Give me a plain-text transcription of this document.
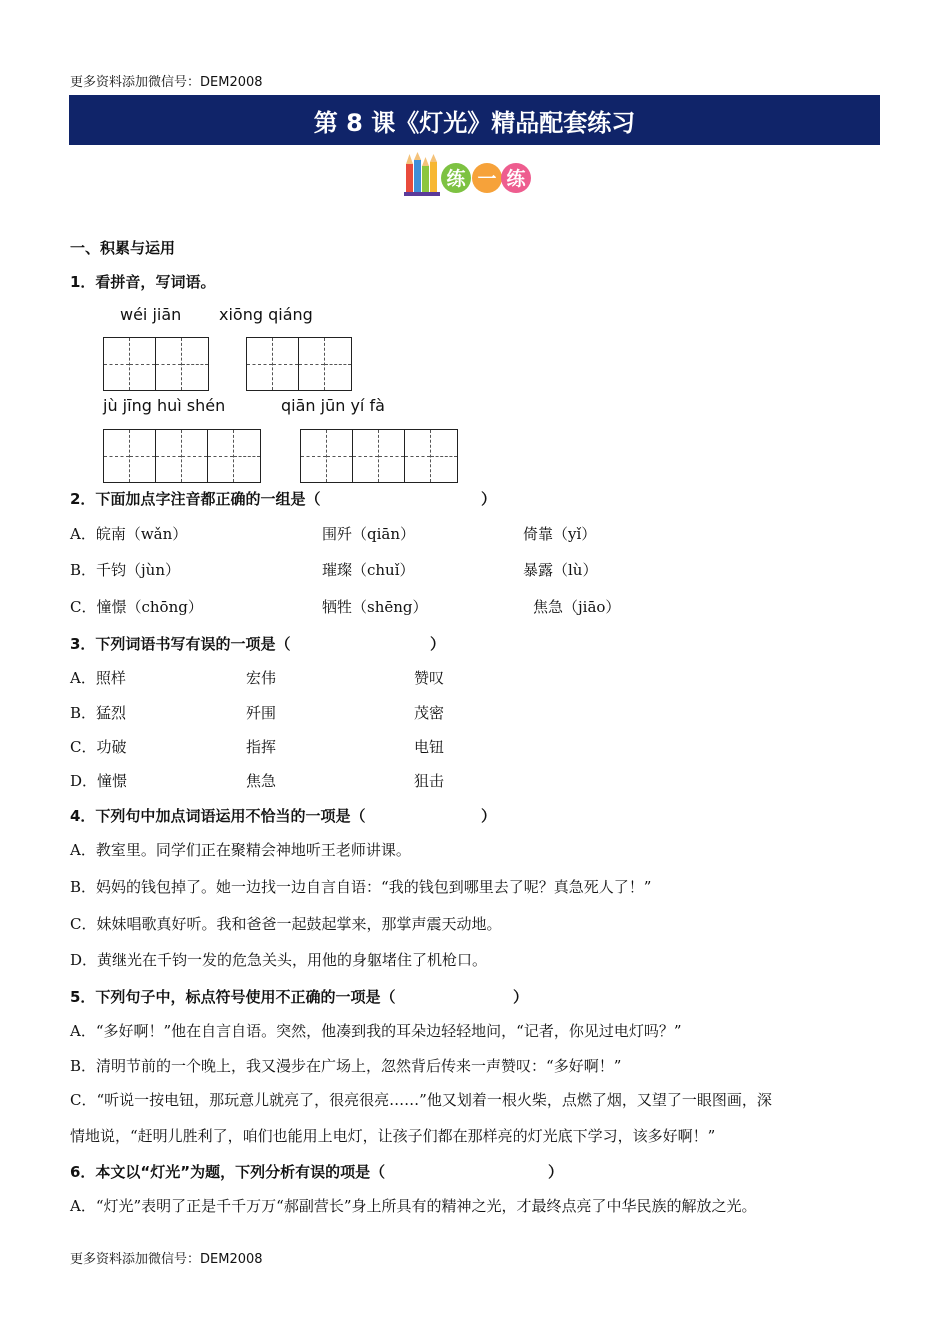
更多资料添加微信号：DEM2008
第 8 课《灯光》精品配套练习
练 一 练
一、积累与运用
1．看拼音，写词语。
wéi jiān xiōng qiáng
jù jīng huì shén	qiān jūn yí fà
2．下面加点字注音都正确的一组是（	）
A．皖南（wǎn）	围歼（qiān）	倚靠（yǐ）
B．千钧（jùn）	璀璨（chuǐ）	暴露（lù）
C．憧憬（chōng）	牺牲（shēng）	焦急（jiāo）
3．下列词语书写有误的一项是（	）
A．照样	宏伟	赞叹
B．猛烈	歼围	茂密
C．功破	指挥	电钮
D．憧憬	焦急	狙击
4．下列句中加点词语运用不恰当的一项是（	）
A．教室里。同学们正在聚精会神地听王老师讲课。
B．妈妈的钱包掉了。她一边找一边自言自语：“我的钱包到哪里去了呢？真急死人了！”
C．妹妹唱歌真好听。我和爸爸一起鼓起掌来，那掌声震天动地。
D．黄继光在千钧一发的危急关头，用他的身躯堵住了机枪口。
5．下列句子中，标点符号使用不正确的一项是（	）
A．“多好啊！”他在自言自语。突然，他凑到我的耳朵边轻轻地问，“记者，你见过电灯吗？”
B．清明节前的一个晚上，我又漫步在广场上，忽然背后传来一声赞叹：“多好啊！”
C．“听说一按电钮，那玩意儿就亮了，很亮很亮……”他又划着一根火柴，点燃了烟，又望了一眼图画，深
情地说，“赶明儿胜利了，咱们也能用上电灯，让孩子们都在那样亮的灯光底下学习，该多好啊！”
6．本文以“灯光”为题，下列分析有误的项是（	）
A．“灯光”表明了正是千千万万“郝副营长”身上所具有的精神之光，才最终点亮了中华民族的解放之光。
更多资料添加微信号：DEM2008
